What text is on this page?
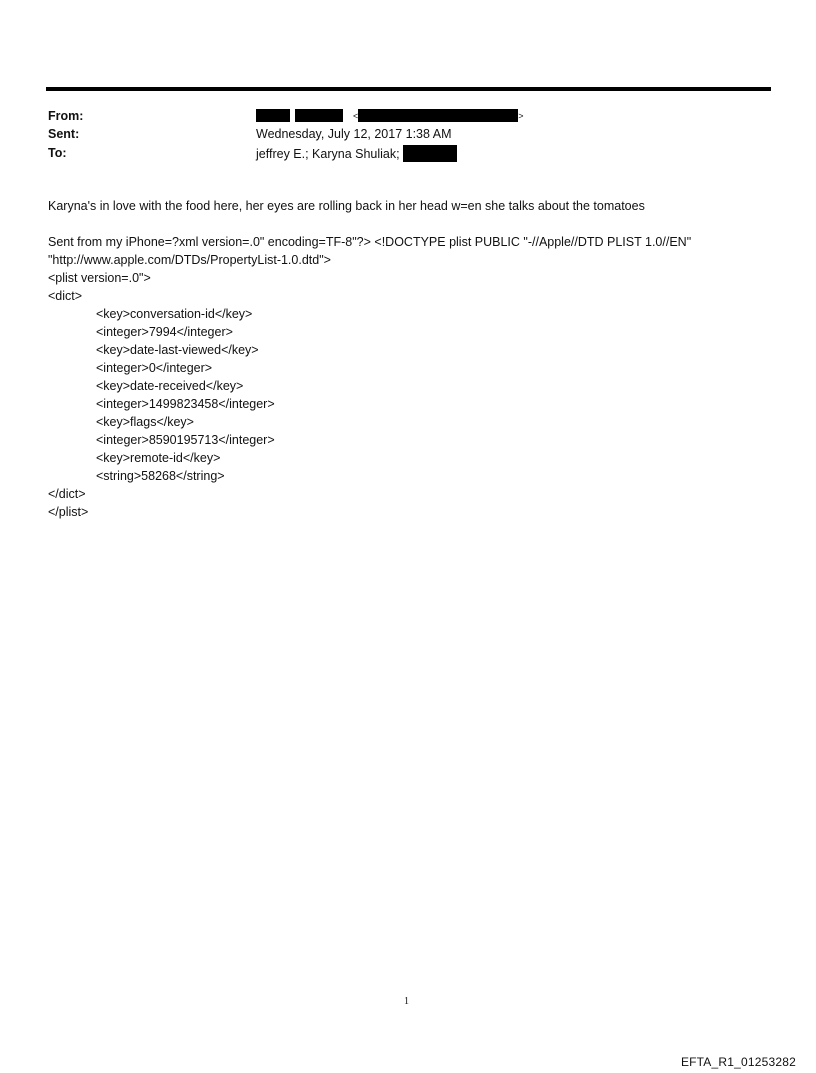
From:	<	>
Sent:	Wednesday, July 12, 2017 1:38 AM
To:	jeffrey E.; Karyna Shuliak;
Karyna's in love with the food here, her eyes are rolling back in her head w=en she talks about the tomatoes
Sent from my iPhone=?xml version=.0" encoding=TF-8"?> <!DOCTYPE plist PUBLIC "-//Apple//DTD PLIST 1.0//EN"
"http://www.apple.com/DTDs/PropertyList-1.0.dtd">
<plist version=.0">
<dict>
<key>conversation-id</key>
<integer>7994</integer>
<key>date-last-viewed</key>
<integer>0</integer>
<key>date-received</key>
<integer>1499823458</integer>
<key>flags</key>
<integer>8590195713</integer>
<key>remote-id</key>
<string>58268</string>
</dict>
</plist>
1
EFTA_R1_01253282
